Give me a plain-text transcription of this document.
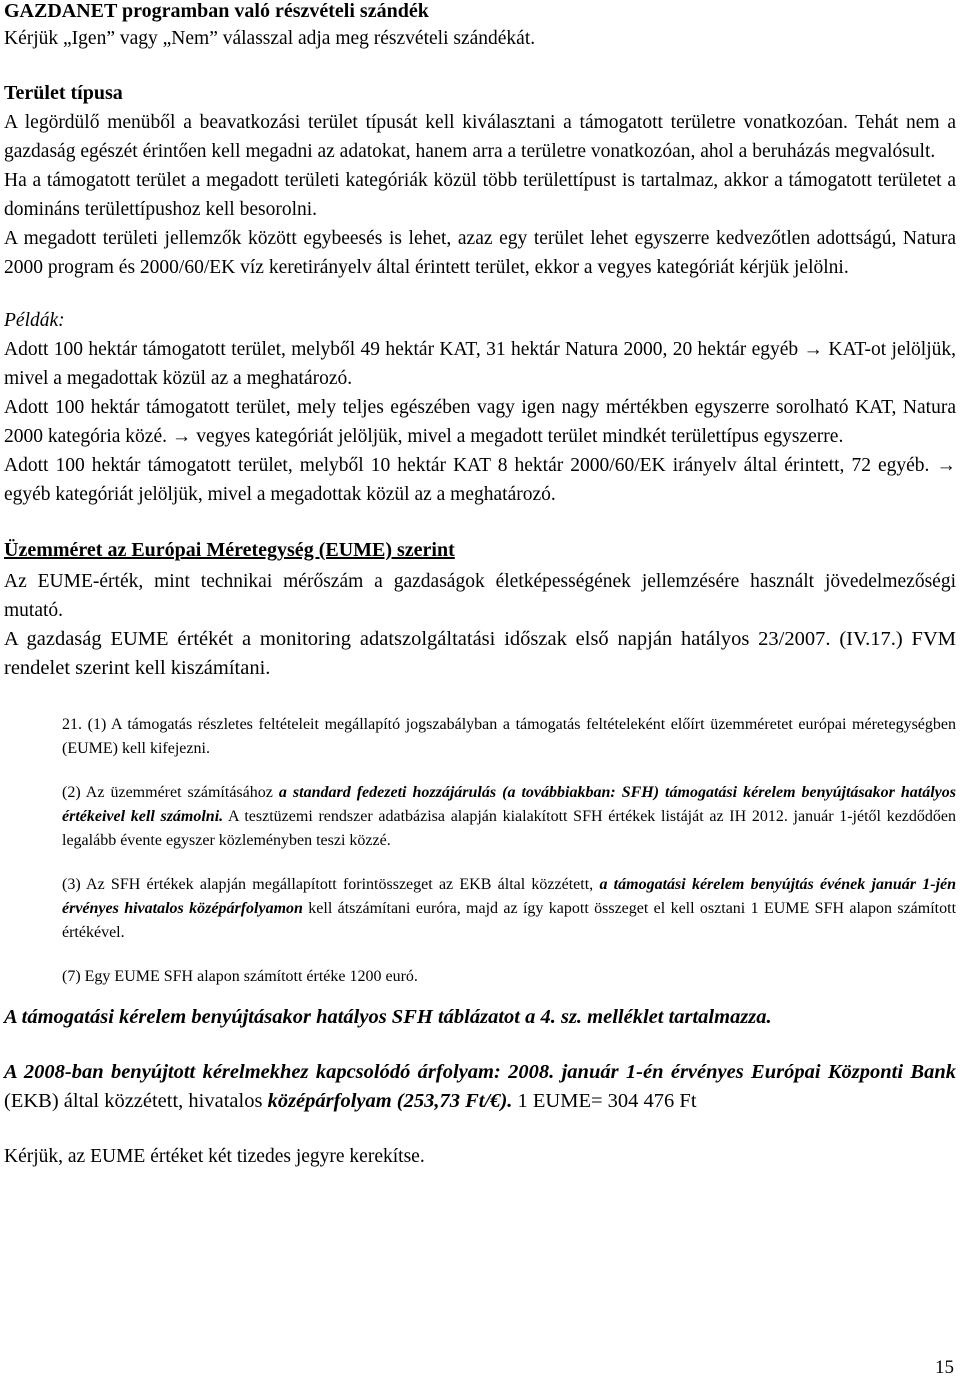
GAZDANET programban való részvételi szándék

Kérjük „Igen” vagy „Nem” válasszal adja meg részvételi szándékát.

Terület típusa

A legördülő menüből a beavatkozási terület típusát kell kiválasztani a támogatott területre vonatkozóan. Tehát nem a gazdaság egészét érintően kell megadni az adatokat, hanem arra a területre vonatkozóan, ahol a beruházás megvalósult.

Ha a támogatott terület a megadott területi kategóriák közül több területtípust is tartalmaz, akkor a támogatott területet a domináns területtípushoz kell besorolni.

A megadott területi jellemzők között egybeesés is lehet, azaz egy terület lehet egyszerre kedvezőtlen adottságú, Natura 2000 program és 2000/60/EK víz keretirányelv által érintett terület, ekkor a vegyes kategóriát kérjük jelölni.

Példák:

Adott 100 hektár támogatott terület, melyből 49 hektár KAT, 31 hektár Natura 2000, 20 hektár egyéb → KAT-ot jelöljük, mivel a megadottak közül az a meghatározó.

Adott 100 hektár támogatott terület, mely teljes egészében vagy igen nagy mértékben egyszerre sorolható KAT, Natura 2000 kategória közé. → vegyes kategóriát jelöljük, mivel a megadott terület mindkét területtípus egyszerre.

Adott 100 hektár támogatott terület, melyből 10 hektár KAT 8 hektár 2000/60/EK irányelv által érintett, 72 egyéb. → egyéb kategóriát jelöljük, mivel a megadottak közül az a meghatározó.

Üzemméret az Európai Méretegység (EUME) szerint

Az EUME-érték, mint technikai mérőszám a gazdaságok életképességének jellemzésére használt jövedelmezőségi mutató.

A gazdaság EUME értékét a monitoring adatszolgáltatási időszak első napján hatályos 23/2007. (IV.17.) FVM rendelet szerint kell kiszámítani.

21. (1) A támogatás részletes feltételeit megállapító jogszabályban a támogatás feltételeként előírt üzemméretet európai méretegységben (EUME) kell kifejezni.

(2) Az üzemméret számításához a standard fedezeti hozzájárulás (a továbbiakban: SFH) támogatási kérelem benyújtásakor hatályos értékeivel kell számolni. A tesztüzemi rendszer adatbázisa alapján kialakított SFH értékek listáját az IH 2012. január 1-jétől kezdődően legalább évente egyszer közleményben teszi közzé.

(3) Az SFH értékek alapján megállapított forintösszeget az EKB által közzétett, a támogatási kérelem benyújtás évének január 1-jén érvényes hivatalos középárfolyamon kell átszámítani euróra, majd az így kapott összeget el kell osztani 1 EUME SFH alapon számított értékével.

(7) Egy EUME SFH alapon számított értéke 1200 euró.

A támogatási kérelem benyújtásakor hatályos SFH táblázatot a 4. sz. melléklet tartalmazza.

A 2008-ban benyújtott kérelmekhez kapcsolódó árfolyam: 2008. január 1-én érvényes Európai Központi Bank (EKB) által közzétett, hivatalos középárfolyam (253,73 Ft/€). 1 EUME= 304 476 Ft

Kérjük, az EUME értéket két tizedes jegyre kerekítse.

15
